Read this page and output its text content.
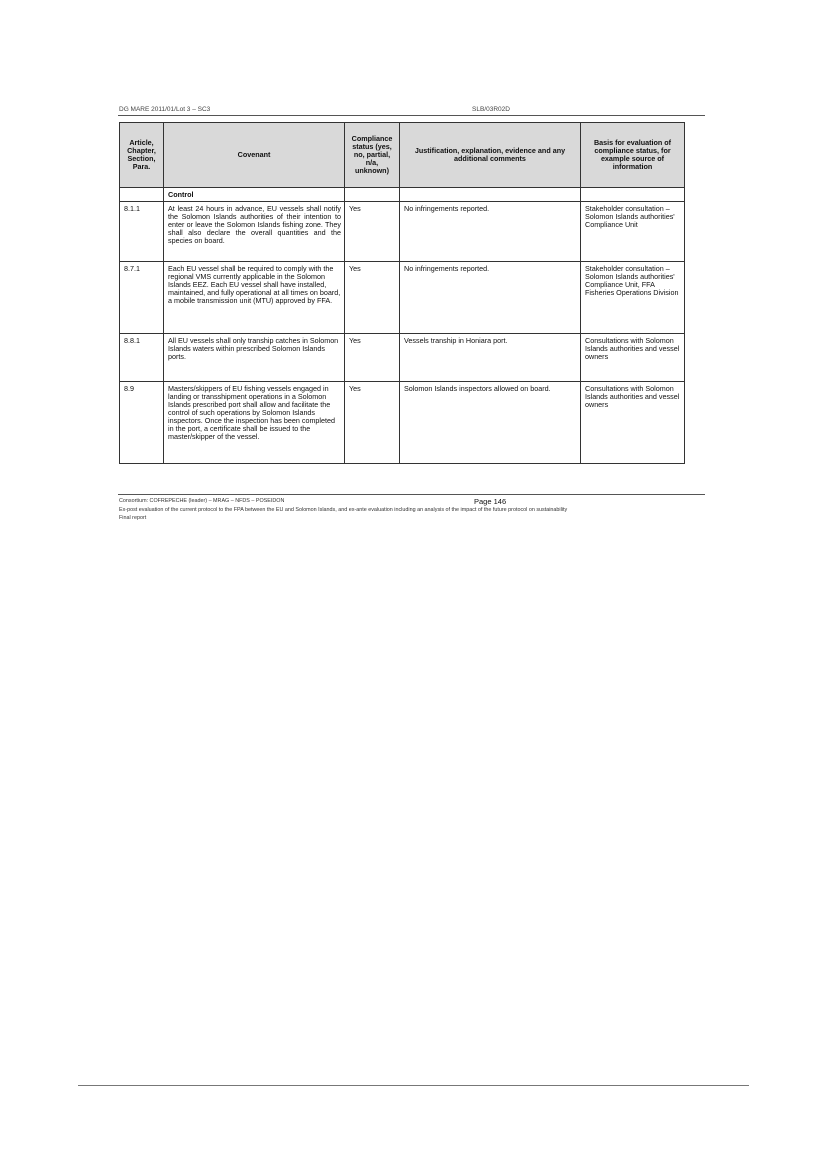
DG MARE 2011/01/Lot 3 – SC3	SLB/03R02D
Article, Chapter, Section, Para.	Covenant	Compliance status (yes, no, partial, n/a, unknown)	Justification, explanation, evidence and any additional comments	Basis for evaluation of compliance status, for example source of information
	Control			
8.1.1	At least 24 hours in advance, EU vessels shall notify the Solomon Islands authorities of their intention to enter or leave the Solomon Islands fishing zone. They shall also declare the overall quantities and the species on board.	Yes	No infringements reported.	Stakeholder consultation – Solomon Islands authorities' Compliance Unit
8.7.1	Each EU vessel shall be required to comply with the regional VMS currently applicable in the Solomon Islands EEZ. Each EU vessel shall have installed, maintained, and fully operational at all times on board, a mobile transmission unit (MTU) approved by FFA.	Yes	No infringements reported.	Stakeholder consultation – Solomon Islands authorities' Compliance Unit, FFA Fisheries Operations Division
8.8.1	All EU vessels shall only tranship catches in Solomon Islands waters within prescribed Solomon Islands ports.	Yes	Vessels tranship in Honiara port.	Consultations with Solomon Islands authorities and vessel owners
8.9	Masters/skippers of EU fishing vessels engaged in landing or transshipment operations in a Solomon Islands prescribed port shall allow and facilitate the control of such operations by Solomon Islands inspectors. Once the inspection has been completed in the port, a certificate shall be issued to the master/skipper of the vessel.	Yes	Solomon Islands inspectors allowed on board.	Consultations with Solomon Islands authorities and vessel owners
Consortium: COFREPECHE (leader) – MRAG – NFDS – POSEIDON	Page 146
Ex-post evaluation of the current protocol to the FPA between the EU and Solomon Islands, and ex-ante evaluation including an analysis of the impact of the future protocol on sustainability
Final report
